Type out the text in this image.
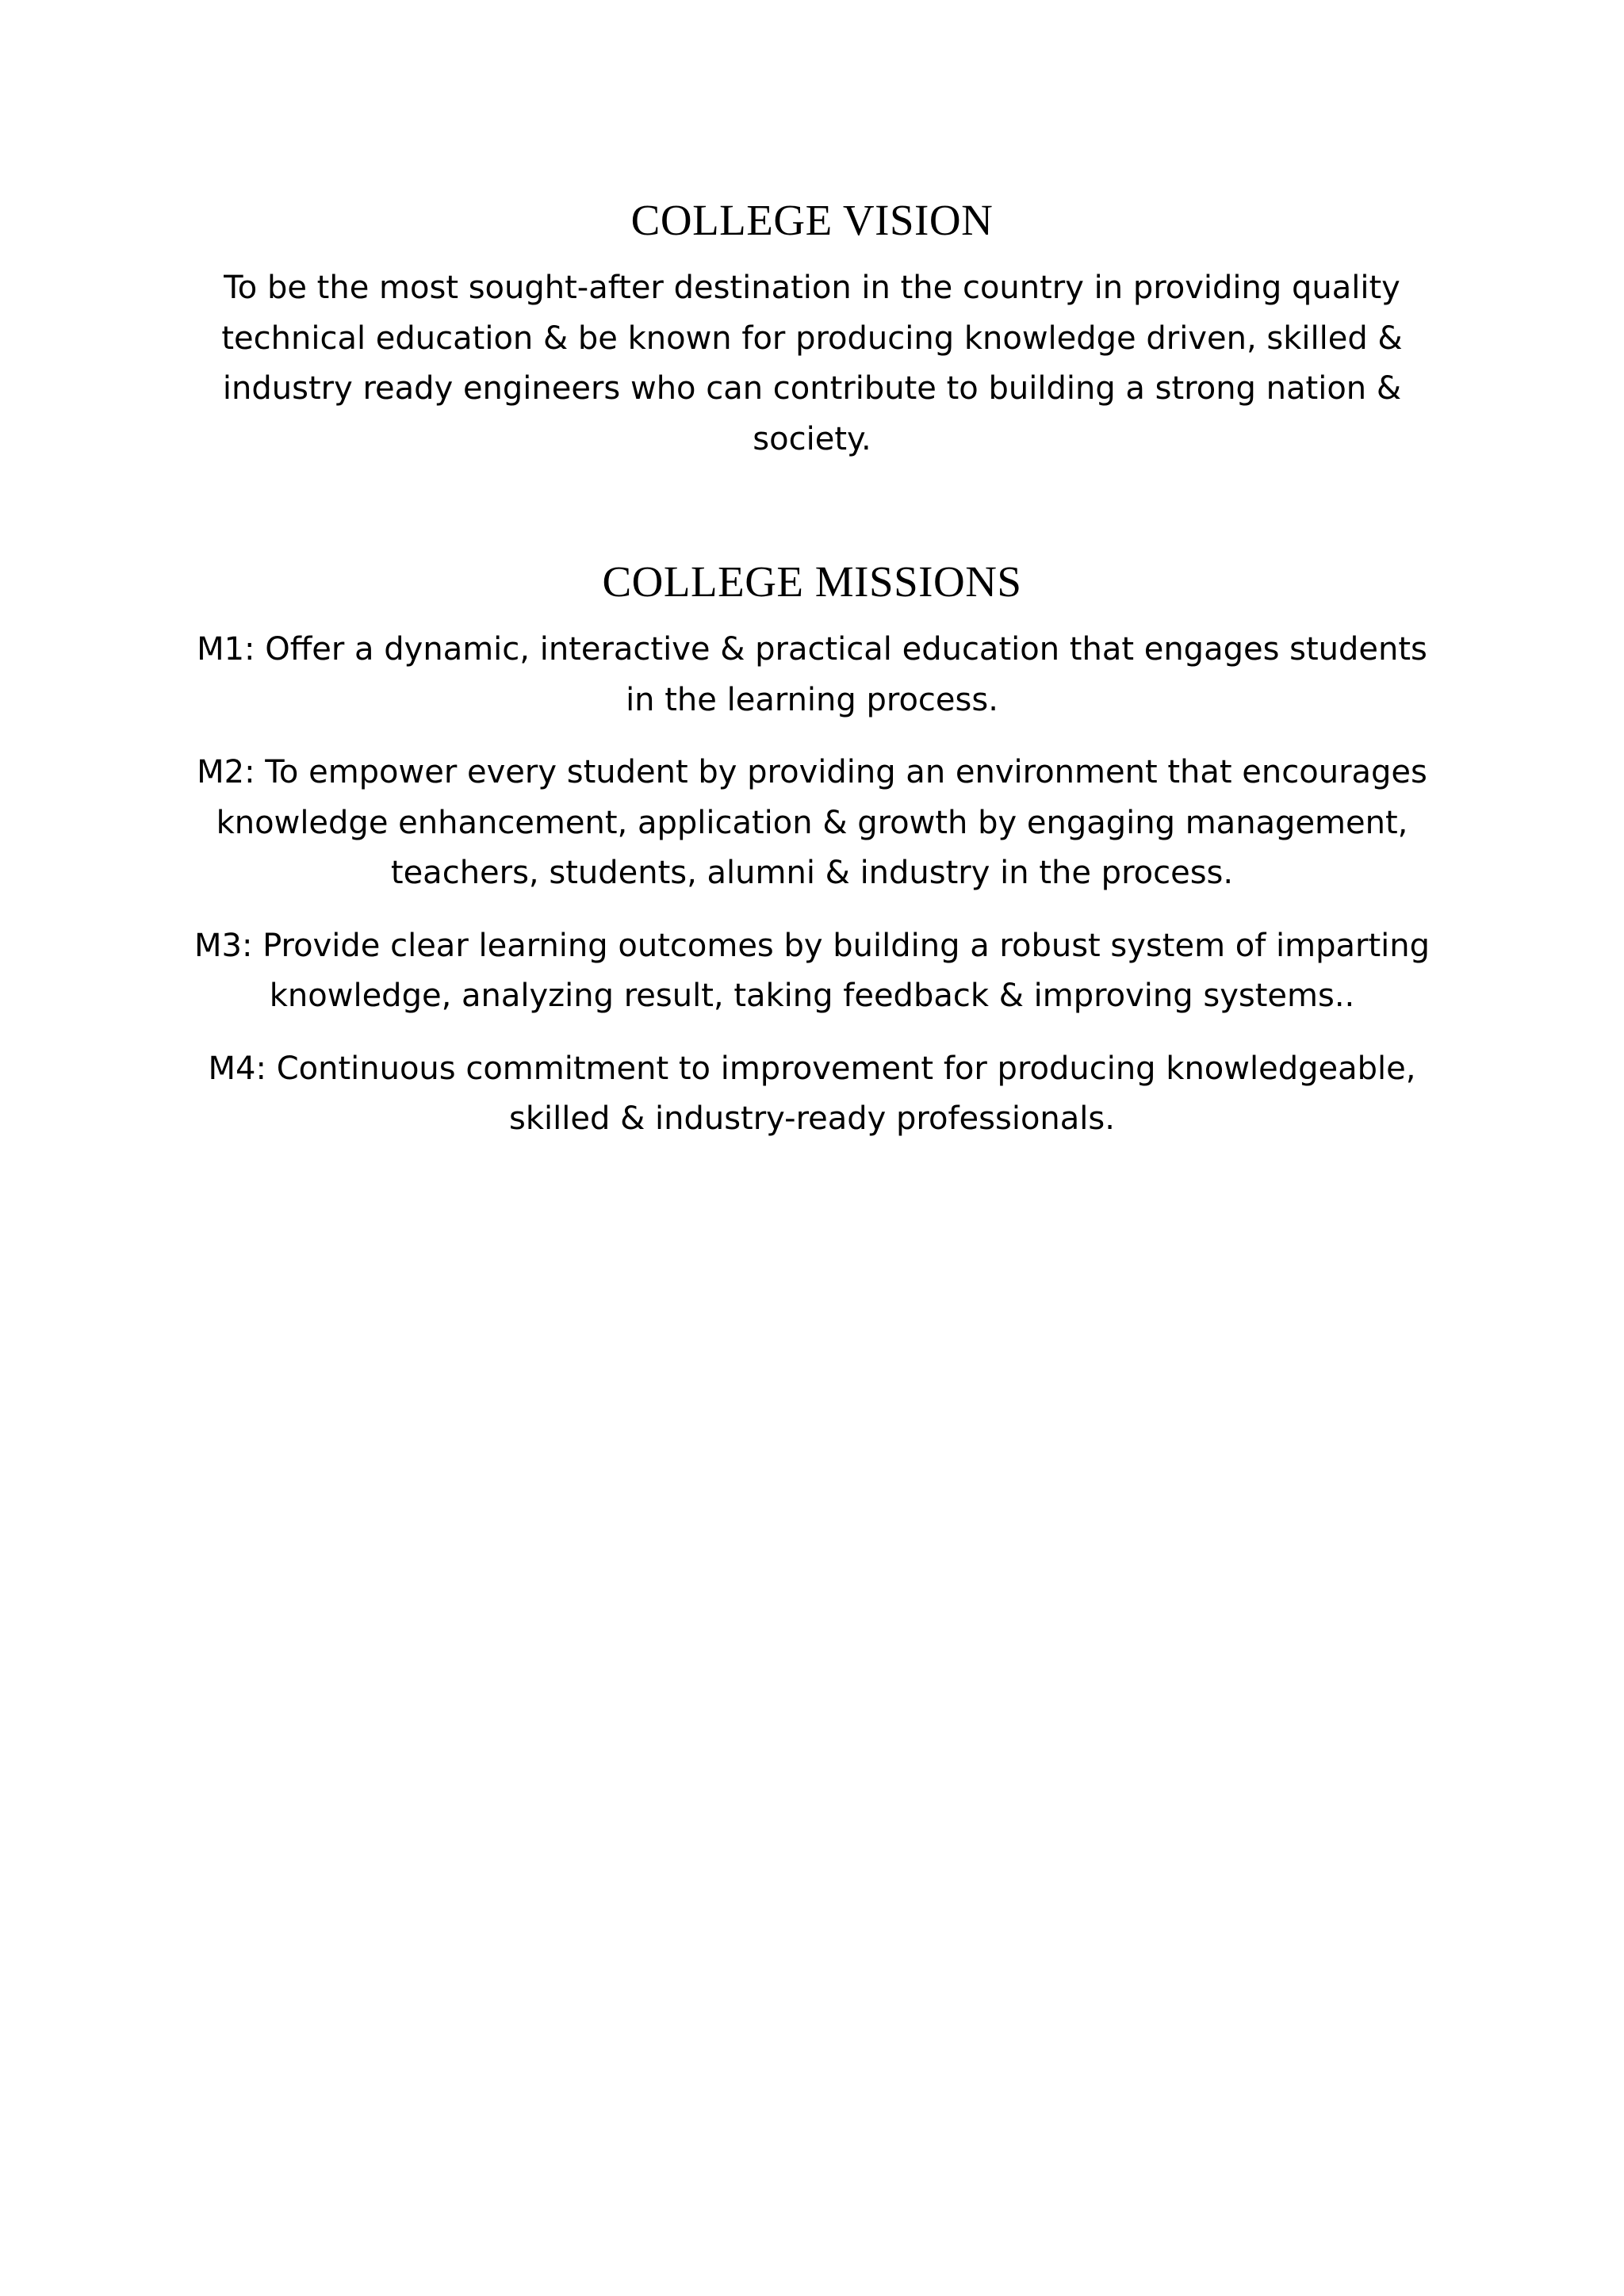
COLLEGE VISION

To be the most sought-after destination in the country in providing quality
technical education & be known for producing knowledge driven, skilled &
industry ready engineers who can contribute to building a strong nation &
society.

COLLEGE MISSIONS

M1: Offer a dynamic, interactive & practical education that engages students
in the learning process.

M2: To empower every student by providing an environment that encourages
knowledge enhancement, application & growth by engaging management,
teachers, students, alumni & industry in the process.

M3: Provide clear learning outcomes by building a robust system of imparting
knowledge, analyzing result, taking feedback & improving systems..

M4: Continuous commitment to improvement for producing knowledgeable,
skilled & industry-ready professionals.
